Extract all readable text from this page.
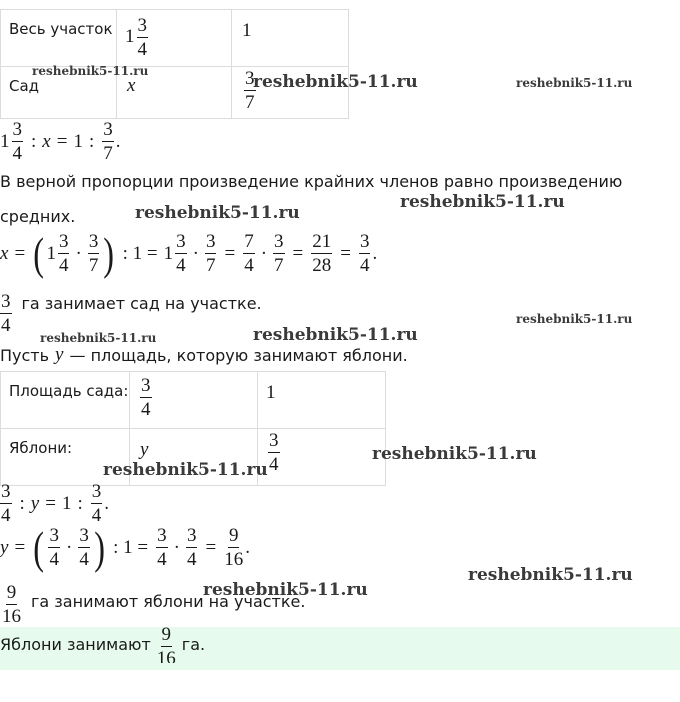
Весь участок	$1 \frac{3}{4}$	1

Сад	x	$\frac{3}{7}$
1
3
4
: x = 1 :
3
7
.
В верной пропорции произведение крайних членов равно произведению
средних.
x = ( 1
3
4
·
3
7 ) : 1 = 1
3
4
· $\frac{3}{7} = \frac{7}{4} \cdot \frac{3}{7} = \frac{21}{28} = \frac{3}{4}$ .
3
4
га занимает сад на участке.
Пусть y — площадь, которую занимают яблони.
Площадь сада:	$\frac{3}{4}$	1

Яблони:	y	$\frac{3}{4}$
3
4
: y = 1 :
3
4
.
y = ( 3
4
·
3
4 ) : $1 = \frac{3}{4} \cdot \frac{3}{4} = \frac{9}{16}$ .
9
16
га занимают яблони на участке.
Яблони занимают 9
16
га.
reshebnik5-11.ru
reshebnik5-11.ru	reshebnik5-11.ru
reshebnik5-11.ru
reshebnik5-11.ru
reshebnik5-11.ru
reshebnik5-11.ru
reshebnik5-11.ru
reshebnik5-11.ru
reshebnik5-11.ru
reshebnik5-11.ru
reshebnik5-11.ru
